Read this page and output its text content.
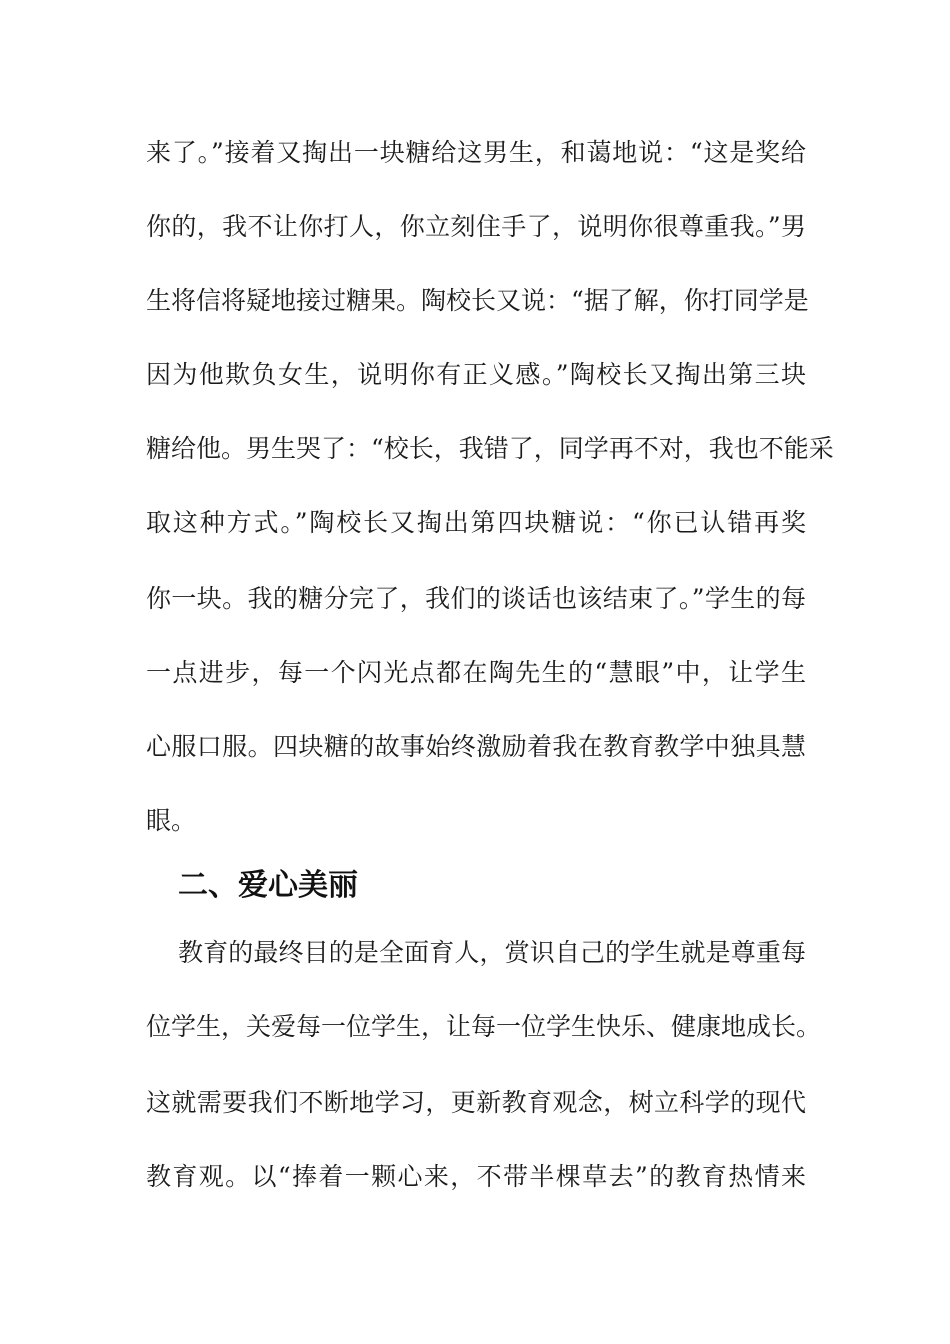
来了。”接着又掏出一块糖给这男生，和蔼地说：“这是奖给
你的，我不让你打人，你立刻住手了，说明你很尊重我。”男
生将信将疑地接过糖果。陶校长又说：“据了解，你打同学是
因为他欺负女生，说明你有正义感。”陶校长又掏出第三块
糖给他。男生哭了：“校长，我错了，同学再不对，我也不能采
取这种方式。”陶校长又掏出第四块糖说：“你已认错再奖
你一块。我的糖分完了，我们的谈话也该结束了。”学生的每
一点进步，每一个闪光点都在陶先生的“慧眼”中，让学生
心服口服。四块糖的故事始终激励着我在教育教学中独具慧
眼。
二、爱心美丽
教育的最终目的是全面育人，赏识自己的学生就是尊重每
位学生，关爱每一位学生，让每一位学生快乐、健康地成长。
这就需要我们不断地学习，更新教育观念，树立科学的现代
教育观。以“捧着一颗心来，不带半棵草去”的教育热情来
